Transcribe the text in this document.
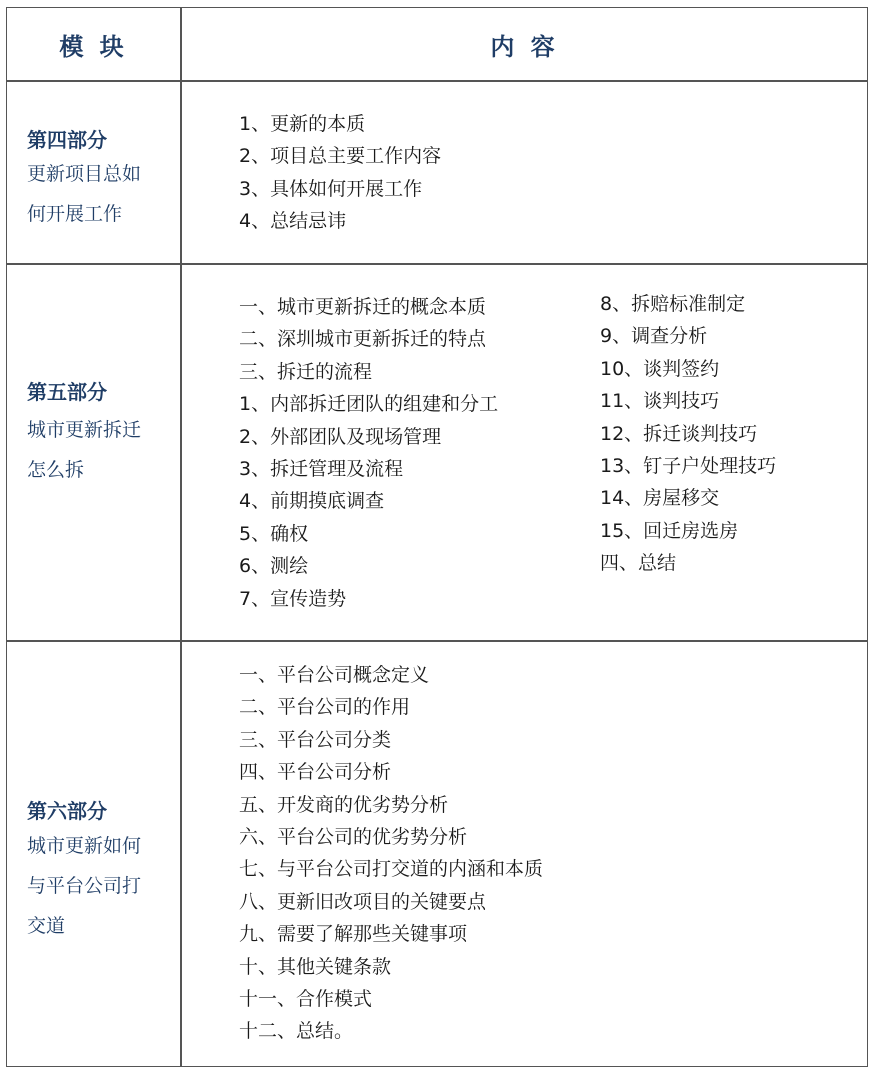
模 块	内 容
第四部分
更新项目总如
何开展工作
1、更新的本质
2、项目总主要工作内容
3、具体如何开展工作
4、总结忌讳
第五部分
城市更新拆迁
怎么拆
一、城市更新拆迁的概念本质
二、深圳城市更新拆迁的特点
三、拆迁的流程
1、内部拆迁团队的组建和分工
2、外部团队及现场管理
3、拆迁管理及流程
4、前期摸底调查
5、确权
6、测绘
7、宣传造势
8、拆赔标准制定
9、调查分析
10、谈判签约
11、谈判技巧
12、拆迁谈判技巧
13、钉子户处理技巧
14、房屋移交
15、回迁房选房
四、总结
第六部分
城市更新如何
与平台公司打
交道
一、平台公司概念定义
二、平台公司的作用
三、平台公司分类
四、平台公司分析
五、开发商的优劣势分析
六、平台公司的优劣势分析
七、与平台公司打交道的内涵和本质
八、更新旧改项目的关键要点
九、需要了解那些关键事项
十、其他关键条款
十一、合作模式
十二、总结。
